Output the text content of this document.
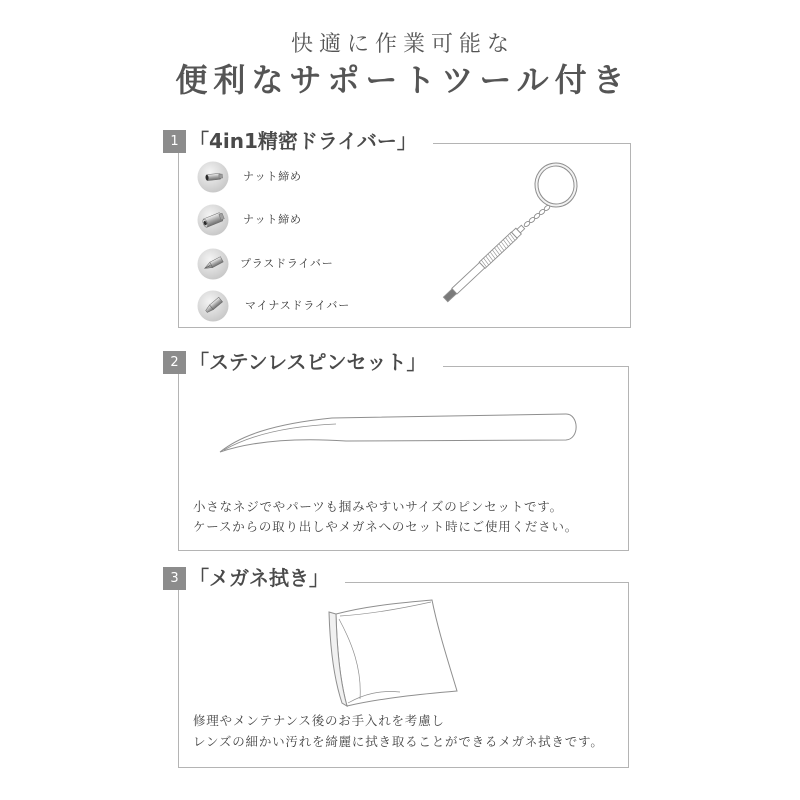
快適に作業可能な
便利なサポートツール付き
1 「4in1精密ドライバー」
ナット締め
ナット締め
プラスドライバー
マイナスドライバー
2 「ステンレスピンセット」
小さなネジでやパーツも掴みやすいサイズのピンセットです。
ケースからの取り出しやメガネへのセット時にご使用ください。
3 「メガネ拭き」
修理やメンテナンス後のお手入れを考慮し
レンズの細かい汚れを綺麗に拭き取ることができるメガネ拭きです。
